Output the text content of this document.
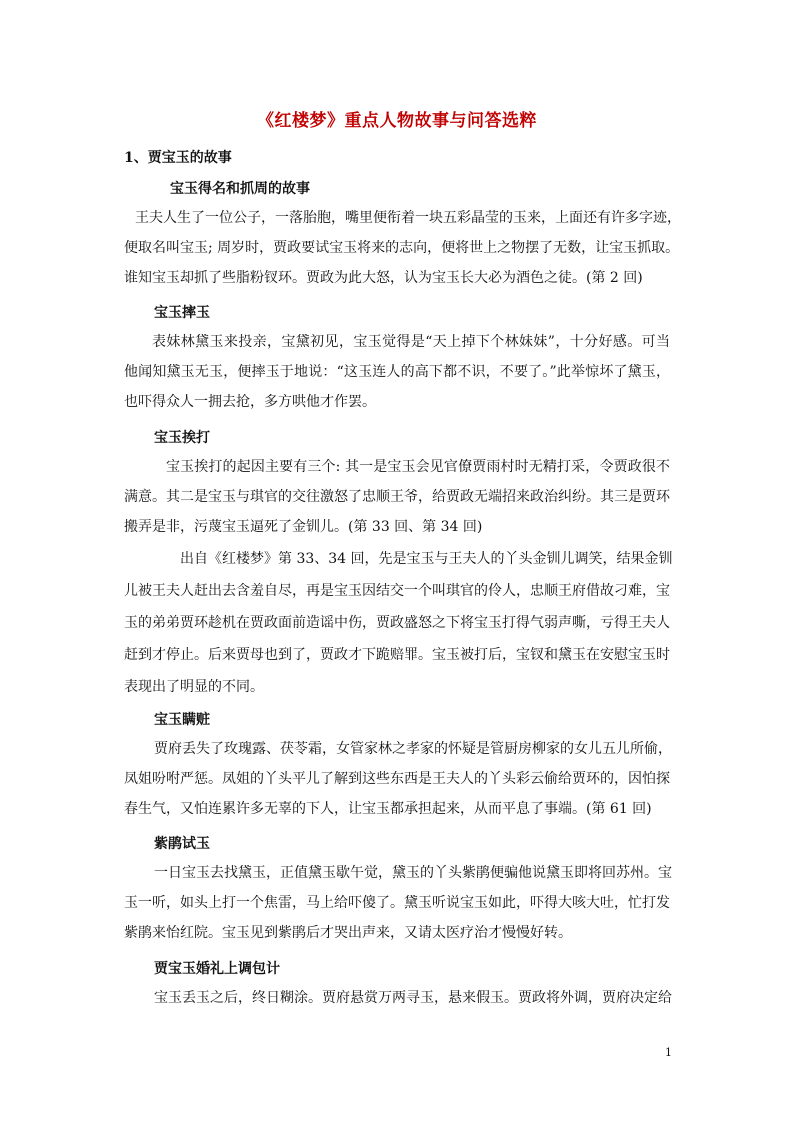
《红楼梦》重点人物故事与问答选粹
1、贾宝玉的故事
宝玉得名和抓周的故事
王夫人生了一位公子，一落胎胞，嘴里便衔着一块五彩晶莹的玉来，上面还有许多字迹，
便取名叫宝玉; 周岁时，贾政要试宝玉将来的志向，便将世上之物摆了无数，让宝玉抓取。
谁知宝玉却抓了些脂粉钗环。贾政为此大怒，认为宝玉长大必为酒色之徒。(第 2 回)
宝玉摔玉
表妹林黛玉来投亲，宝黛初见，宝玉觉得是“天上掉下个林妹妹”，十分好感。可当
他闻知黛玉无玉，便摔玉于地说：“这玉连人的高下都不识，不要了。”此举惊坏了黛玉，
也吓得众人一拥去抢，多方哄他才作罢。
宝玉挨打
宝玉挨打的起因主要有三个: 其一是宝玉会见官僚贾雨村时无精打采，令贾政很不
满意。其二是宝玉与琪官的交往激怒了忠顺王爷，给贾政无端招来政治纠纷。其三是贾环
搬弄是非，污蔑宝玉逼死了金钏儿。(第 33 回、第 34 回)
出自《红楼梦》第 33、34 回，先是宝玉与王夫人的丫头金钏儿调笑，结果金钏
儿被王夫人赶出去含羞自尽，再是宝玉因结交一个叫琪官的伶人，忠顺王府借故刁难，宝
玉的弟弟贾环趁机在贾政面前造谣中伤，贾政盛怒之下将宝玉打得气弱声嘶，亏得王夫人
赶到才停止。后来贾母也到了，贾政才下跪赔罪。宝玉被打后，宝钗和黛玉在安慰宝玉时
表现出了明显的不同。
宝玉瞒赃
贾府丢失了玫瑰露、茯苓霜，女管家林之孝家的怀疑是管厨房柳家的女儿五儿所偷，
凤姐吩咐严惩。凤姐的丫头平儿了解到这些东西是王夫人的丫头彩云偷给贾环的，因怕探
春生气，又怕连累许多无辜的下人，让宝玉都承担起来，从而平息了事端。(第 61 回)
紫鹃试玉
一日宝玉去找黛玉，正值黛玉歇午觉，黛玉的丫头紫鹃便骗他说黛玉即将回苏州。宝
玉一听，如头上打一个焦雷，马上给吓傻了。黛玉听说宝玉如此，吓得大咳大吐，忙打发
紫鹃来怡红院。宝玉见到紫鹃后才哭出声来，又请太医疗治才慢慢好转。
贾宝玉婚礼上调包计
宝玉丢玉之后，终日糊涂。贾府悬赏万两寻玉，悬来假玉。贾政将外调，贾府决定给
1
